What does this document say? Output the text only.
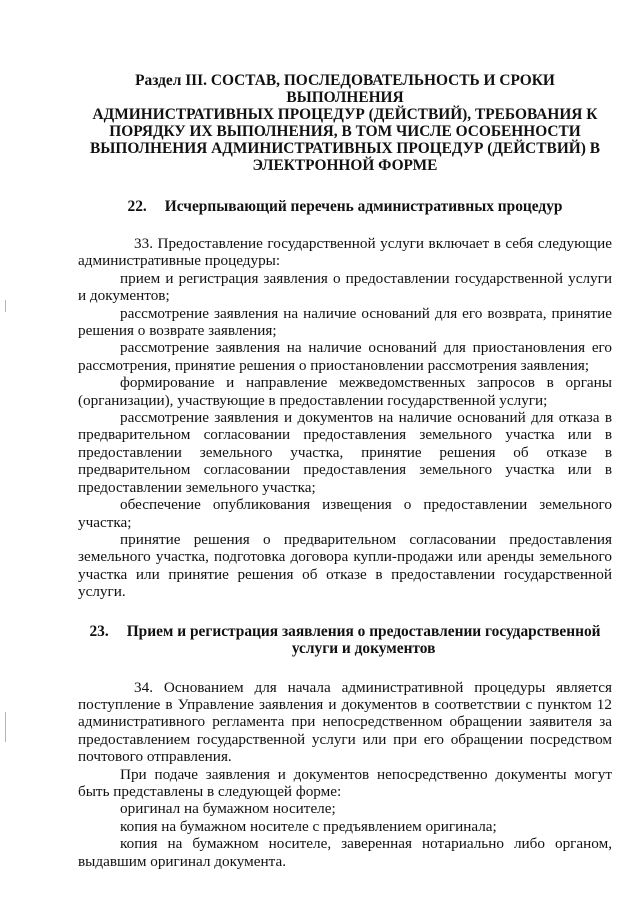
Раздел III. СОСТАВ, ПОСЛЕДОВАТЕЛЬНОСТЬ И СРОКИ ВЫПОЛНЕНИЯ
АДМИНИСТРАТИВНЫХ ПРОЦЕДУР (ДЕЙСТВИЙ), ТРЕБОВАНИЯ К
ПОРЯДКУ ИХ ВЫПОЛНЕНИЯ, В ТОМ ЧИСЛЕ ОСОБЕННОСТИ
ВЫПОЛНЕНИЯ АДМИНИСТРАТИВНЫХ ПРОЦЕДУР (ДЕЙСТВИЙ) В
ЭЛЕКТРОННОЙ ФОРМЕ
22. Исчерпывающий перечень административных процедур

33. Предоставление государственной услуги включает в себя следующие административные процедуры:

прием и регистрация заявления о предоставлении государственной услуги и документов;

рассмотрение заявления на наличие оснований для его возврата, принятие решения о возврате заявления;

рассмотрение заявления на наличие оснований для приостановления его рассмотрения, принятие решения о приостановлении рассмотрения заявления;

формирование и направление межведомственных запросов в органы (организации), участвующие в предоставлении государственной услуги;

рассмотрение заявления и документов на наличие оснований для отказа в предварительном согласовании предоставления земельного участка или в предоставлении земельного участка, принятие решения об отказе в предварительном согласовании предоставления земельного участка или в предоставлении земельного участка;

обеспечение опубликования извещения о предоставлении земельного участка;

принятие решения о предварительном согласовании предоставления земельного участка, подготовка договора купли-продажи или аренды земельного участка или принятие решения об отказе в предоставлении государственной услуги.

23. Прием и регистрация заявления о предоставлении государственной
услуги и документов

34. Основанием для начала административной процедуры является поступление в Управление заявления и документов в соответствии с пунктом 12 административного регламента при непосредственном обращении заявителя за предоставлением государственной услуги или при его обращении посредством почтового отправления.

При подаче заявления и документов непосредственно документы могут быть представлены в следующей форме:

оригинал на бумажном носителе;

копия на бумажном носителе с предъявлением оригинала;

копия на бумажном носителе, заверенная нотариально либо органом, выдавшим оригинал документа.
